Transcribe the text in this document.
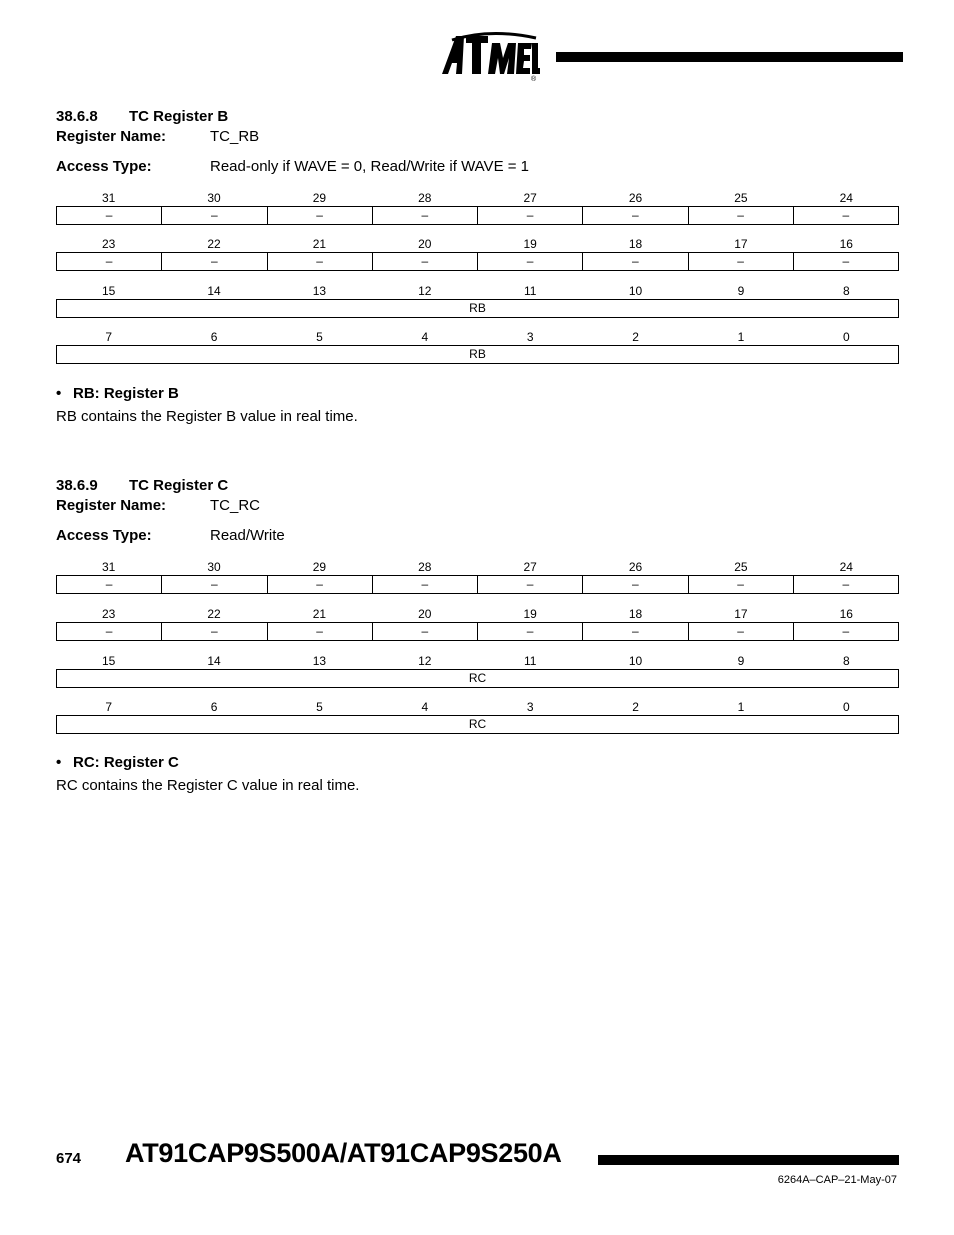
®
38.6.8 TC Register B
Register Name:	TC_RB
Access Type:	Read-only if WAVE = 0, Read/Write if WAVE = 1
31	30	29	28	27	26	25	24
–	–	–	–	–	–	–	–
23	22	21	20	19	18	17	16
–	–	–	–	–	–	–	–
15	14	13	12	11	10	9	8
RB
7	6	5	4	3	2	1	0
RB
• RB: Register B
RB contains the Register B value in real time.
38.6.9 TC Register C
Register Name:	TC_RC
Access Type:	Read/Write
31	30	29	28	27	26	25	24
–	–	–	–	–	–	–	–
23	22	21	20	19	18	17	16
–	–	–	–	–	–	–	–
15	14	13	12	11	10	9	8
RC
7	6	5	4	3	2	1	0
RC
• RC: Register C
RC contains the Register C value in real time.
674 AT91CAP9S500A/AT91CAP9S250A
6264A–CAP–21-May-07
